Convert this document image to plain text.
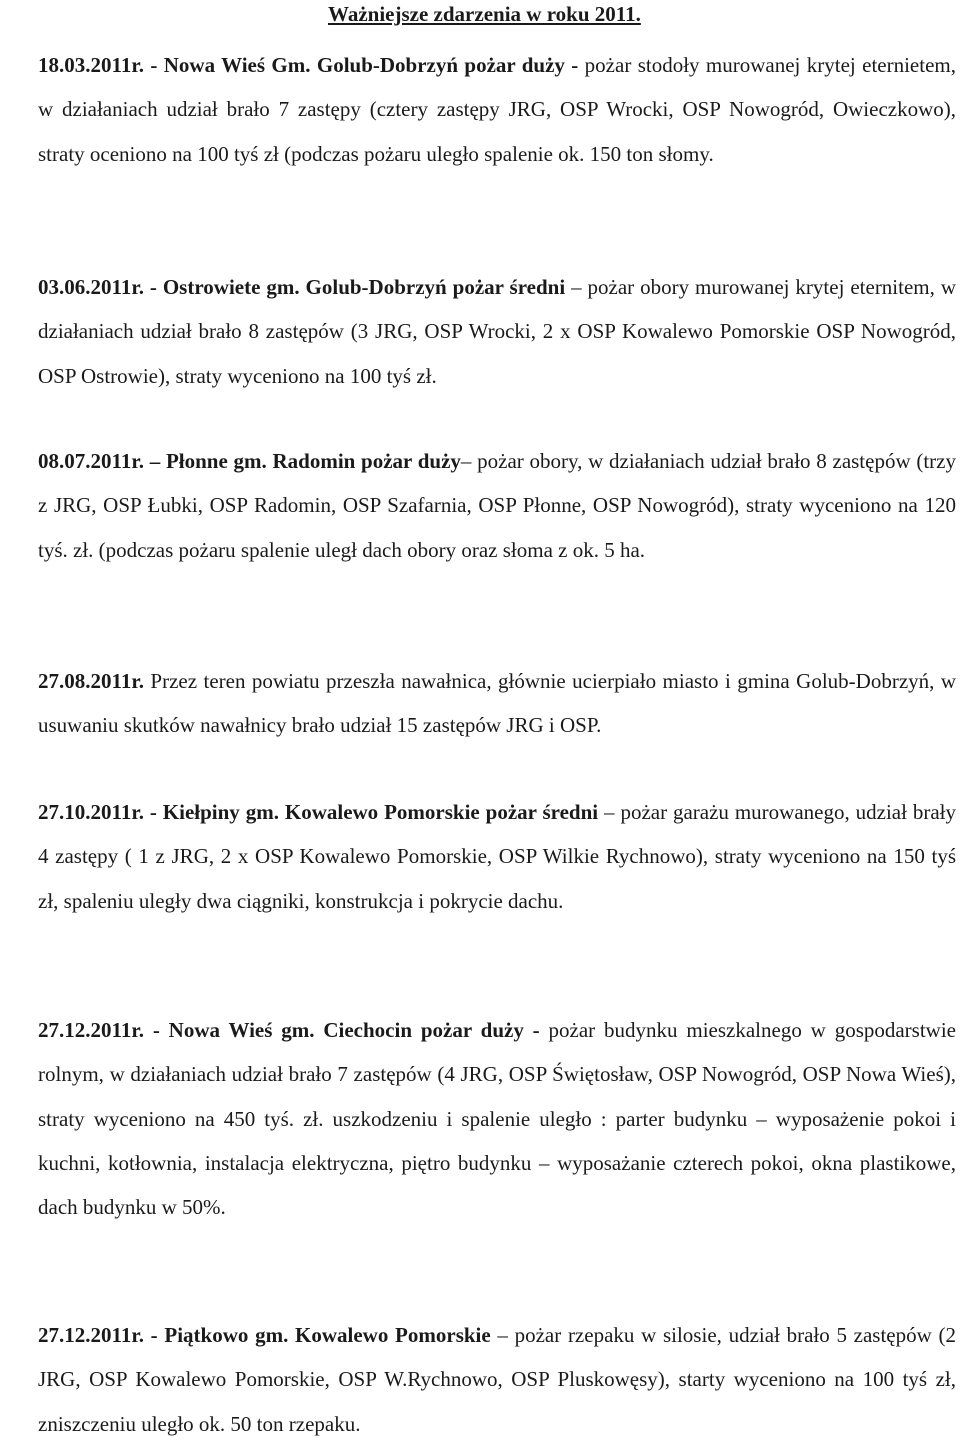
Ważniejsze zdarzenia w roku 2011.

18.03.2011r. - Nowa Wieś Gm. Golub-Dobrzyń pożar duży - pożar stodoły murowanej krytej eternietem, w działaniach udział brało 7 zastępy (cztery zastępy JRG, OSP Wrocki, OSP Nowogród, Owieczkowo), straty oceniono na 100 tyś zł (podczas pożaru uległo spalenie ok. 150 ton słomy.

03.06.2011r. - Ostrowiete gm. Golub-Dobrzyń pożar średni – pożar obory murowanej krytej eternitem, w działaniach udział brało 8 zastępów (3 JRG, OSP Wrocki, 2 x OSP Kowalewo Pomorskie OSP Nowogród, OSP Ostrowie), straty wyceniono na 100 tyś zł.

08.07.2011r. – Płonne gm. Radomin pożar duży– pożar obory, w działaniach udział brało 8 zastępów (trzy z JRG, OSP Łubki, OSP Radomin, OSP Szafarnia, OSP Płonne, OSP Nowogród), straty wyceniono na 120 tyś. zł. (podczas pożaru spalenie uległ dach obory oraz słoma z ok. 5 ha.

27.08.2011r. Przez teren powiatu przeszła nawałnica, głównie ucierpiało miasto i gmina Golub-Dobrzyń, w usuwaniu skutków nawałnicy brało udział 15 zastępów JRG i OSP.

27.10.2011r. - Kiełpiny gm. Kowalewo Pomorskie pożar średni – pożar garażu murowanego, udział brały 4 zastępy ( 1 z JRG, 2 x OSP Kowalewo Pomorskie, OSP Wilkie Rychnowo), straty wyceniono na 150 tyś zł, spaleniu uległy dwa ciągniki, konstrukcja i pokrycie dachu.

27.12.2011r. - Nowa Wieś gm. Ciechocin pożar duży - pożar budynku mieszkalnego w gospodarstwie rolnym, w działaniach udział brało 7 zastępów (4 JRG, OSP Świętosław, OSP Nowogród, OSP Nowa Wieś), straty wyceniono na 450 tyś. zł. uszkodzeniu i spalenie uległo : parter budynku – wyposażenie pokoi i kuchni, kotłownia, instalacja elektryczna, piętro budynku – wyposażanie czterech pokoi, okna plastikowe, dach budynku w 50%.

27.12.2011r. - Piątkowo gm. Kowalewo Pomorskie – pożar rzepaku w silosie, udział brało 5 zastępów (2 JRG, OSP Kowalewo Pomorskie, OSP W.Rychnowo, OSP Pluskowęsy), starty wyceniono na 100 tyś zł, zniszczeniu uległo ok. 50 ton rzepaku.
